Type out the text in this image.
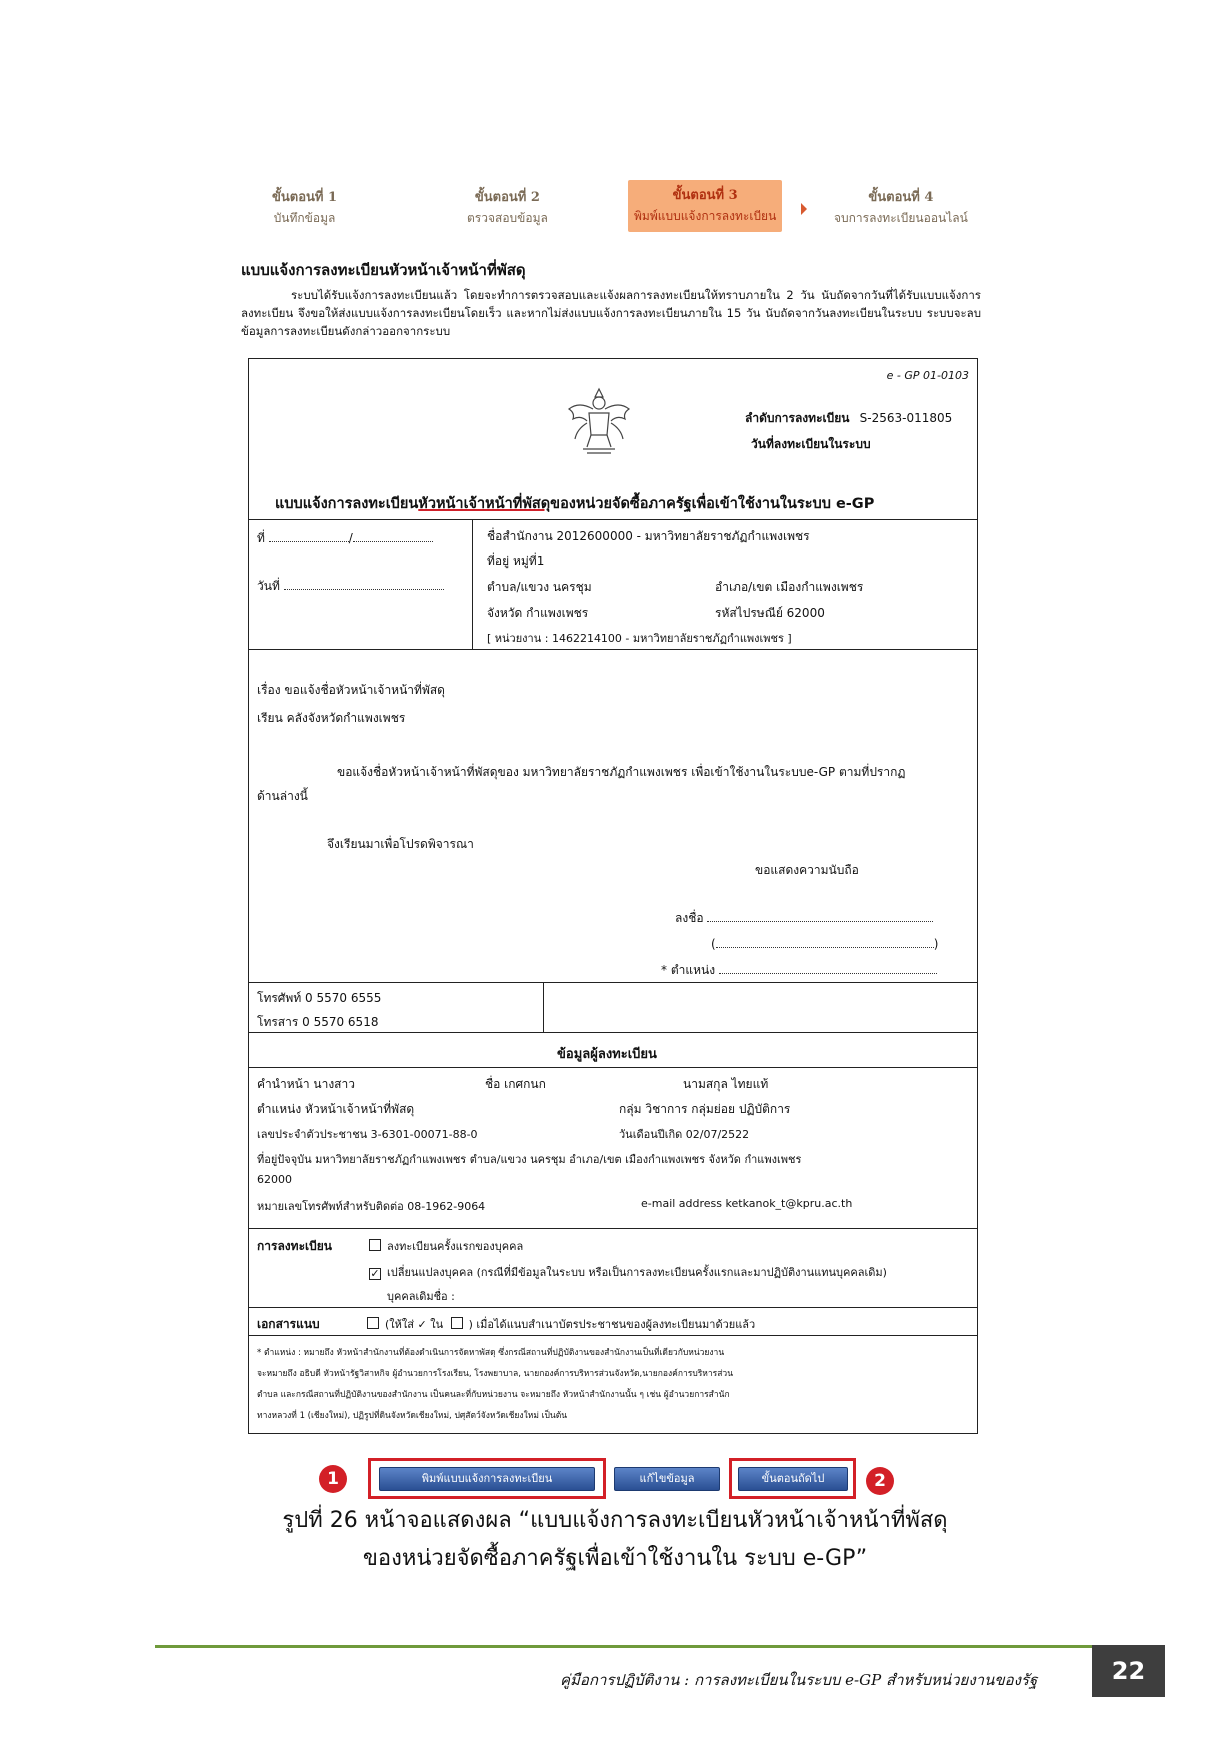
ขั้นตอนที่ 1
บันทึกข้อมูล
ขั้นตอนที่ 2
ตรวจสอบข้อมูล
ขั้นตอนที่ 3
พิมพ์แบบแจ้งการลงทะเบียน
ขั้นตอนที่ 4
จบการลงทะเบียนออนไลน์
แบบแจ้งการลงทะเบียนหัวหน้าเจ้าหน้าที่พัสดุ

ระบบได้รับแจ้งการลงทะเบียนแล้ว โดยจะทำการตรวจสอบและแจ้งผลการลงทะเบียนให้ทราบภายใน 2 วัน นับถัดจากวันที่ได้รับแบบแจ้งการลงทะเบียน จึงขอให้ส่งแบบแจ้งการลงทะเบียนโดยเร็ว และหากไม่ส่งแบบแจ้งการลงทะเบียนภายใน 15 วัน นับถัดจากวันลงทะเบียนในระบบ ระบบจะลบข้อมูลการลงทะเบียนดังกล่าวออกจากระบบ

e - GP 01-0103
ลำดับการลงทะเบียน S-2563-011805
วันที่ลงทะเบียนในระบบ
แบบแจ้งการลงทะเบียนหัวหน้าเจ้าหน้าที่พัสดุของหน่วยจัดซื้อภาครัฐเพื่อเข้าใช้งานในระบบ e-GP
ที่	/
วันที่
ชื่อสำนักงาน 2012600000 - มหาวิทยาลัยราชภัฏกำแพงเพชร
ที่อยู่ หมู่ที่1
ตำบล/แขวง นครชุม	อำเภอ/เขต เมืองกำแพงเพชร
จังหวัด กำแพงเพชร	รหัสไปรษณีย์ 62000
[ หน่วยงาน : 1462214100 - มหาวิทยาลัยราชภัฏกำแพงเพชร ]
เรื่อง ขอแจ้งชื่อหัวหน้าเจ้าหน้าที่พัสดุ
เรียน คลังจังหวัดกำแพงเพชร
ขอแจ้งชื่อหัวหน้าเจ้าหน้าที่พัสดุของ มหาวิทยาลัยราชภัฏกำแพงเพชร เพื่อเข้าใช้งานในระบบe-GP ตามที่ปรากฏ
ด้านล่างนี้
จึงเรียนมาเพื่อโปรดพิจารณา
ขอแสดงความนับถือ
ลงชื่อ
(	)
* ตำแหน่ง
โทรศัพท์ 0 5570 6555
โทรสาร 0 5570 6518
ข้อมูลผู้ลงทะเบียน
คำนำหน้า นางสาว	ชื่อ เกศกนก	นามสกุล ไทยแท้
ตำแหน่ง หัวหน้าเจ้าหน้าที่พัสดุ	กลุ่ม วิชาการ กลุ่มย่อย ปฏิบัติการ
เลขประจำตัวประชาชน 3-6301-00071-88-0	วันเดือนปีเกิด 02/07/2522
ที่อยู่ปัจจุบัน มหาวิทยาลัยราชภัฏกำแพงเพชร ตำบล/แขวง นครชุม อำเภอ/เขต เมืองกำแพงเพชร จังหวัด กำแพงเพชร
62000
หมายเลขโทรศัพท์สำหรับติดต่อ 08-1962-9064	e-mail address ketkanok_t@kpru.ac.th
การลงทะเบียน	ลงทะเบียนครั้งแรกของบุคคล
✓ เปลี่ยนแปลงบุคคล (กรณีที่มีข้อมูลในระบบ หรือเป็นการลงทะเบียนครั้งแรกและมาปฏิบัติงานแทนบุคคลเดิม)
บุคคลเดิมชื่อ :
เอกสารแนบ	(ให้ใส่ ✓ ใน ) เมื่อได้แนบสำเนาบัตรประชาชนของผู้ลงทะเบียนมาด้วยแล้ว
* ตำแหน่ง : หมายถึง หัวหน้าสำนักงานที่ต้องดำเนินการจัดหาพัสดุ ซึ่งกรณีสถานที่ปฏิบัติงานของสำนักงานเป็นที่เดียวกับหน่วยงาน
จะหมายถึง อธิบดี หัวหน้ารัฐวิสาหกิจ ผู้อำนวยการโรงเรียน, โรงพยาบาล, นายกองค์การบริหารส่วนจังหวัด,นายกองค์การบริหารส่วน
ตำบล และกรณีสถานที่ปฏิบัติงานของสำนักงาน เป็นคนละที่กับหน่วยงาน จะหมายถึง หัวหน้าสำนักงานนั้น ๆ เช่น ผู้อำนวยการสำนัก
ทางหลวงที่ 1 (เชียงใหม่), ปฏิรูปที่ดินจังหวัดเชียงใหม่, ปศุสัตว์จังหวัดเชียงใหม่ เป็นต้น
1	พิมพ์แบบแจ้งการลงทะเบียน	แก้ไขข้อมูล	ขั้นตอนถัดไป	2
รูปที่ 26 หน้าจอแสดงผล “แบบแจ้งการลงทะเบียนหัวหน้าเจ้าหน้าที่พัสดุ
ของหน่วยจัดซื้อภาครัฐเพื่อเข้าใช้งานใน ระบบ e-GP”
คู่มือการปฏิบัติงาน : การลงทะเบียนในระบบ e-GP สำหรับหน่วยงานของรัฐ	22
